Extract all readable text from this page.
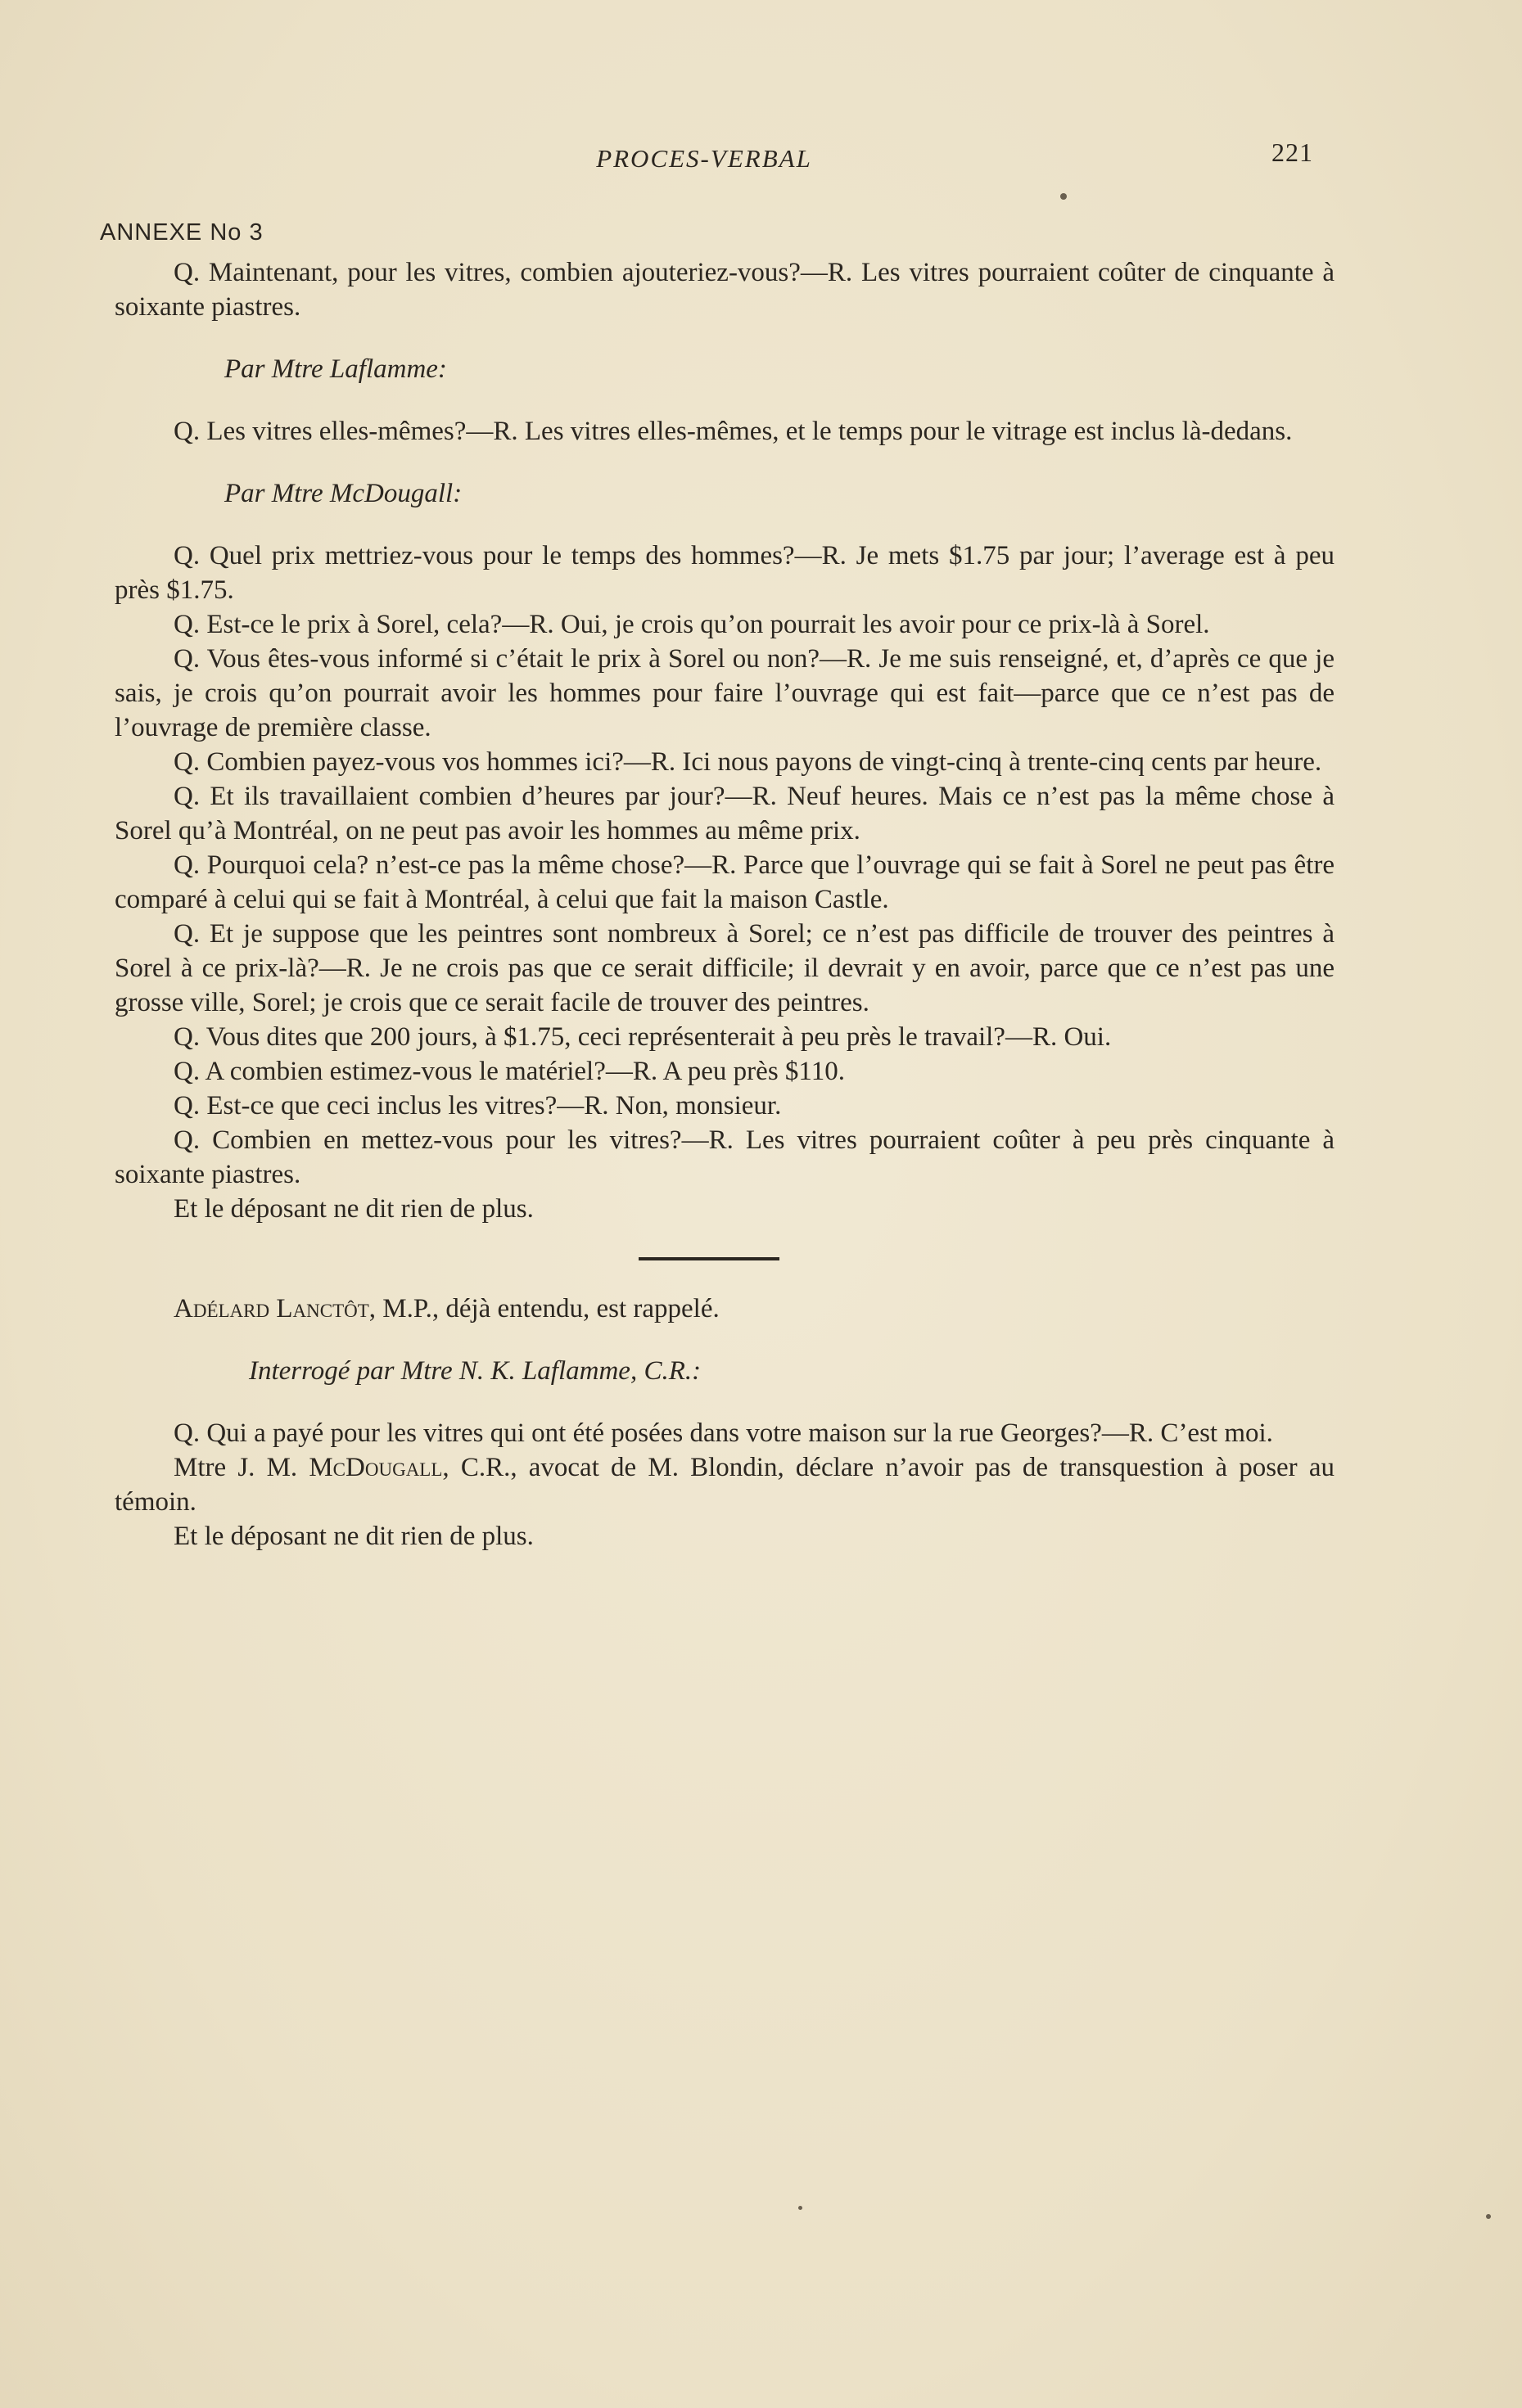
PROCES-VERBAL	221
ANNEXE No 3

Q. Maintenant, pour les vitres, combien ajouteriez-vous?—R. Les vitres pourraient coûter de cinquante à soixante piastres.

Par Mtre Laflamme:

Q. Les vitres elles-mêmes?—R. Les vitres elles-mêmes, et le temps pour le vitrage est inclus là-dedans.

Par Mtre McDougall:

Q. Quel prix mettriez-vous pour le temps des hommes?—R. Je mets $1.75 par jour; l’average est à peu près $1.75.

Q. Est-ce le prix à Sorel, cela?—R. Oui, je crois qu’on pourrait les avoir pour ce prix-là à Sorel.

Q. Vous êtes-vous informé si c’était le prix à Sorel ou non?—R. Je me suis renseigné, et, d’après ce que je sais, je crois qu’on pourrait avoir les hommes pour faire l’ouvrage qui est fait—parce que ce n’est pas de l’ouvrage de première classe.

Q. Combien payez-vous vos hommes ici?—R. Ici nous payons de vingt-cinq à trente-cinq cents par heure.

Q. Et ils travaillaient combien d’heures par jour?—R. Neuf heures. Mais ce n’est pas la même chose à Sorel qu’à Montréal, on ne peut pas avoir les hommes au même prix.

Q. Pourquoi cela? n’est-ce pas la même chose?—R. Parce que l’ouvrage qui se fait à Sorel ne peut pas être comparé à celui qui se fait à Montréal, à celui que fait la maison Castle.

Q. Et je suppose que les peintres sont nombreux à Sorel; ce n’est pas difficile de trouver des peintres à Sorel à ce prix-là?—R. Je ne crois pas que ce serait difficile; il devrait y en avoir, parce que ce n’est pas une grosse ville, Sorel; je crois que ce serait facile de trouver des peintres.

Q. Vous dites que 200 jours, à $1.75, ceci représenterait à peu près le travail?—R. Oui.

Q. A combien estimez-vous le matériel?—R. A peu près $110.

Q. Est-ce que ceci inclus les vitres?—R. Non, monsieur.

Q. Combien en mettez-vous pour les vitres?—R. Les vitres pourraient coûter à peu près cinquante à soixante piastres.

Et le déposant ne dit rien de plus.

Adélard Lanctôt, M.P., déjà entendu, est rappelé.

Interrogé par Mtre N. K. Laflamme, C.R.:

Q. Qui a payé pour les vitres qui ont été posées dans votre maison sur la rue Georges?—R. C’est moi.

Mtre J. M. McDougall, C.R., avocat de M. Blondin, déclare n’avoir pas de transquestion à poser au témoin.

Et le déposant ne dit rien de plus.
